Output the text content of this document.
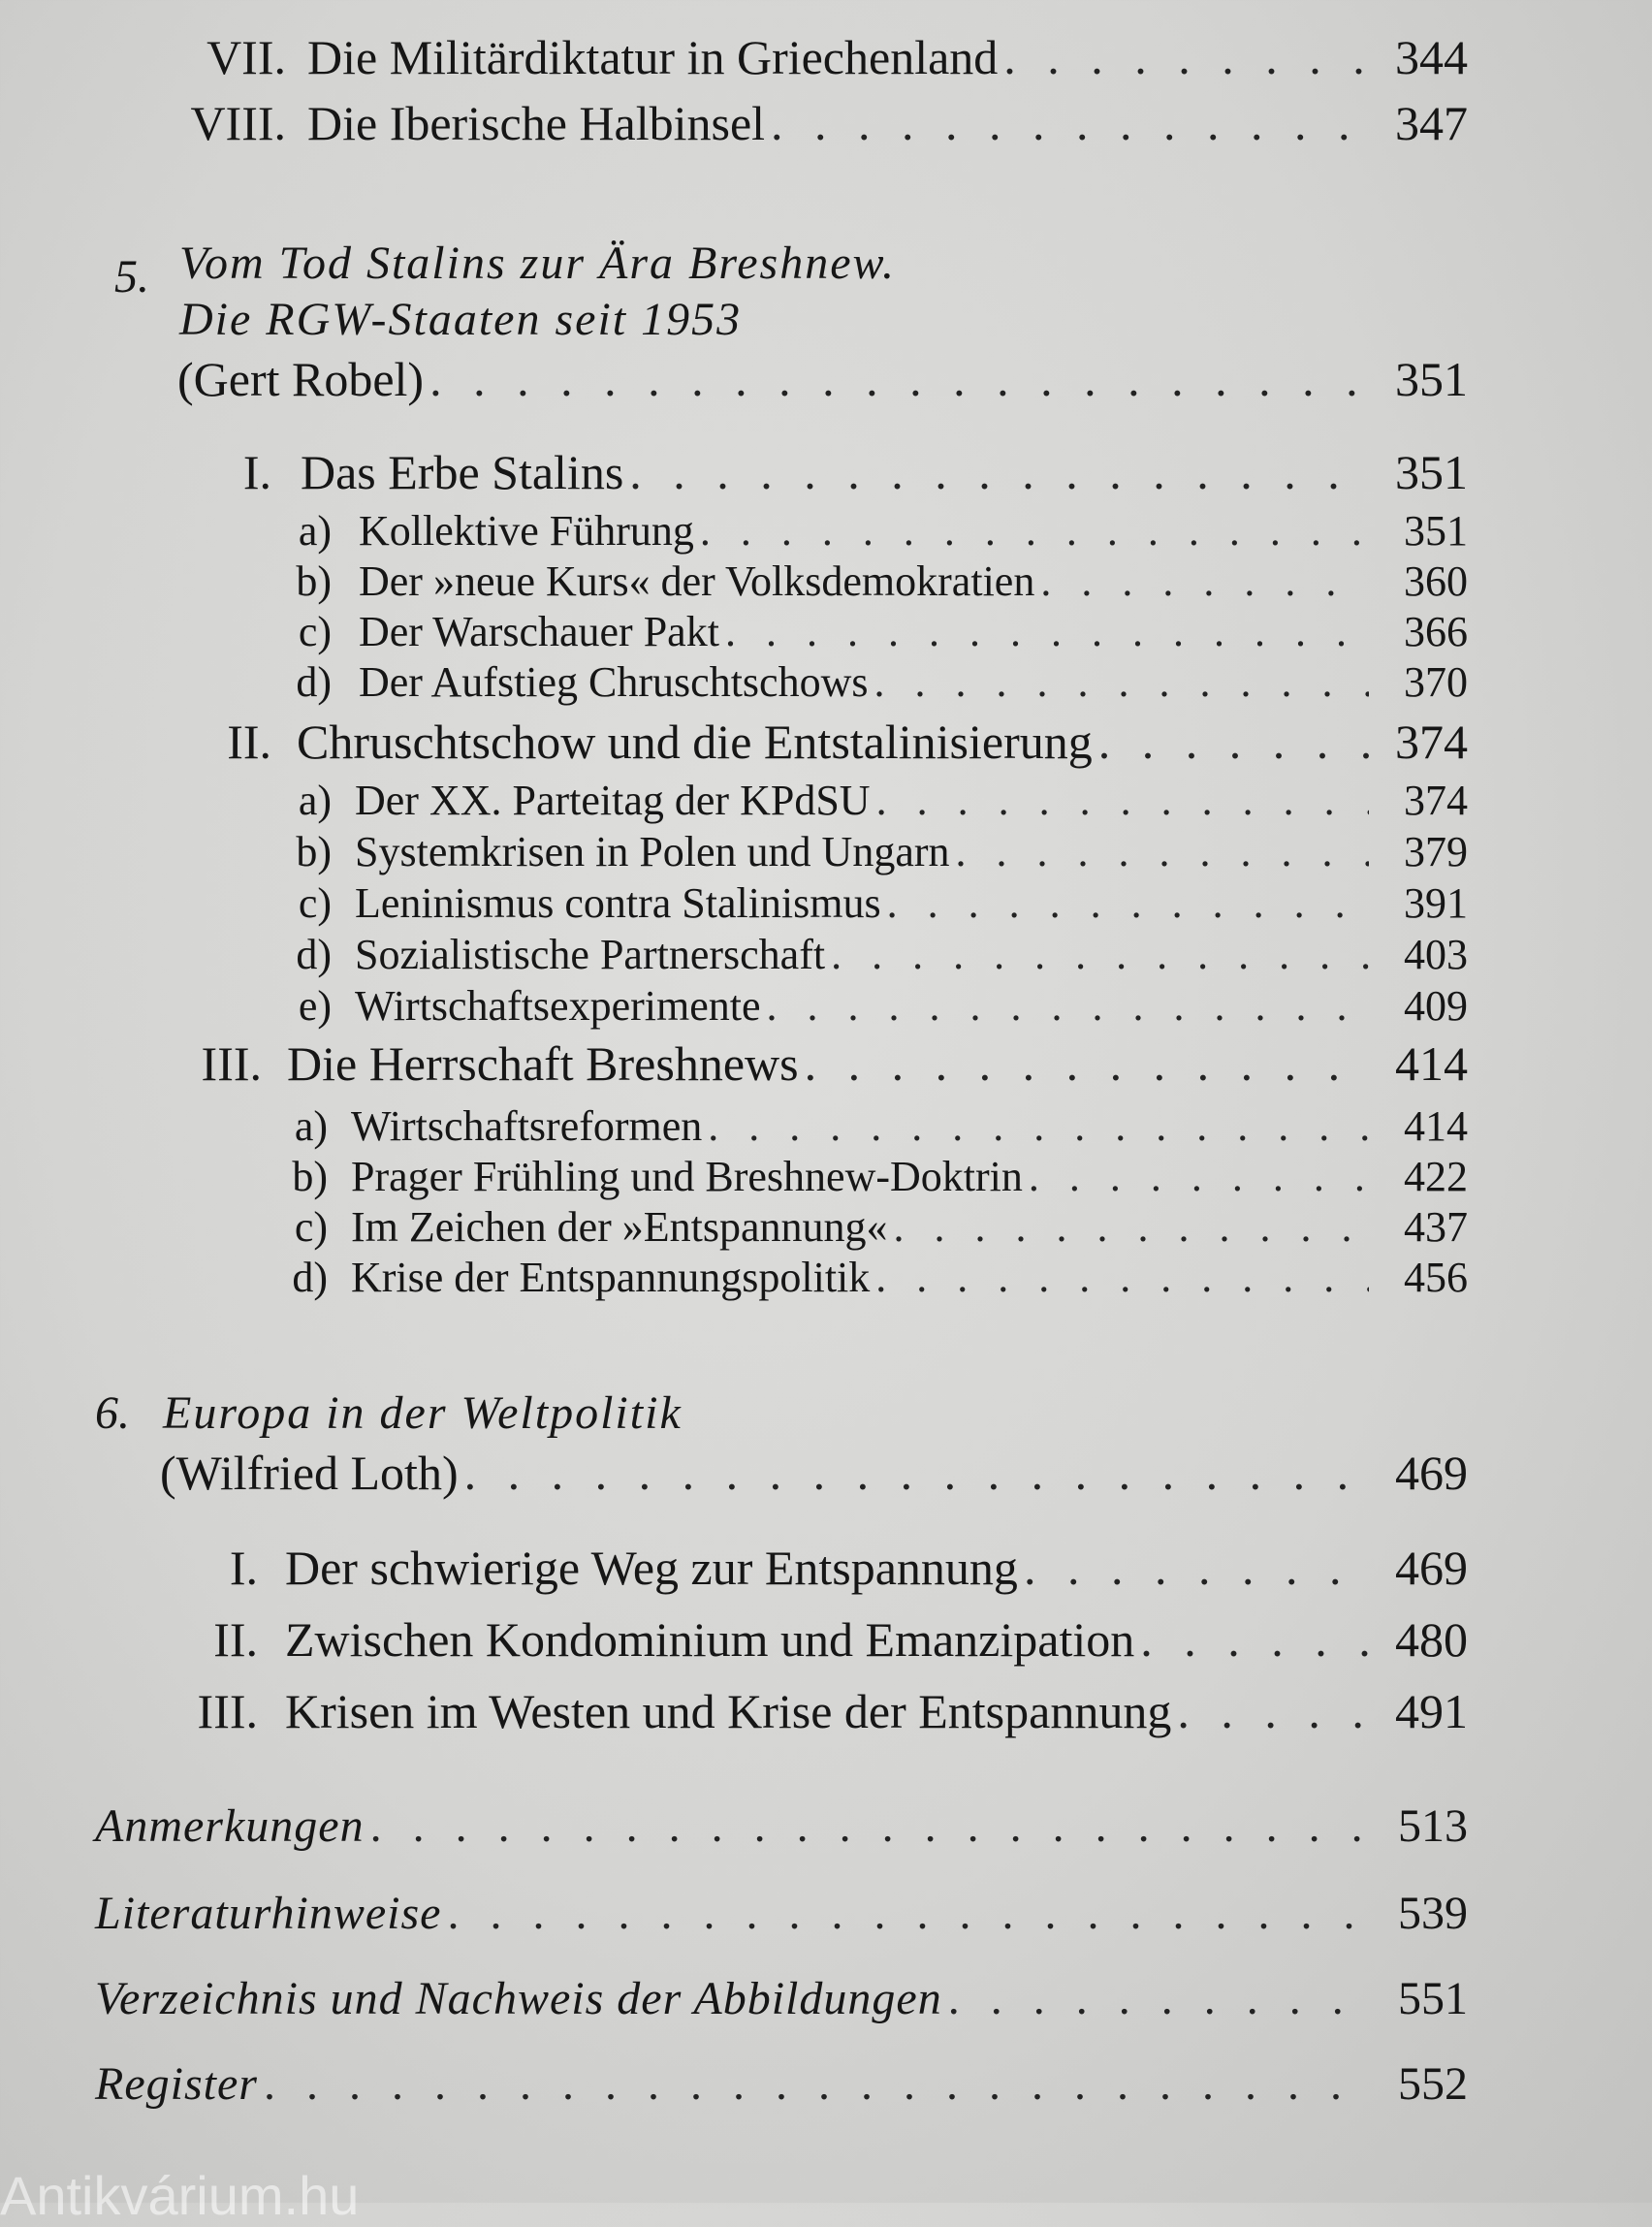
VII. Die Militärdiktatur in Griechenland . . .	344
VIII. Die Iberische Halbinsel . . .	347
5. Vom Tod Stalins zur Ära Breshnew.
Die RGW-Staaten seit 1953
(Gert Robel) . . .	351
I. Das Erbe Stalins . . .	351
a) Kollektive Führung . . .	351
b) Der »neue Kurs« der Volksdemokratien . . .	360
c) Der Warschauer Pakt . . .	366
d) Der Aufstieg Chruschtschows . . .	370
II. Chruschtschow und die Entstalinisierung . . .	374
a) Der XX. Parteitag der KPdSU . . .	374
b) Systemkrisen in Polen und Ungarn . . .	379
c) Leninismus contra Stalinismus . . .	391
d) Sozialistische Partnerschaft . . .	403
e) Wirtschaftsexperimente . . .	409
III. Die Herrschaft Breshnews . . .	414
a) Wirtschaftsreformen . . .	414
b) Prager Frühling und Breshnew-Doktrin . . .	422
c) Im Zeichen der »Entspannung« . . .	437
d) Krise der Entspannungspolitik . . .	456
6. Europa in der Weltpolitik
(Wilfried Loth) . . .	469
I. Der schwierige Weg zur Entspannung . . .	469
II. Zwischen Kondominium und Emanzipation . . .	480
III. Krisen im Westen und Krise der Entspannung . . .	491
Anmerkungen . . .	513
Literaturhinweise . . .	539
Verzeichnis und Nachweis der Abbildungen . . .	551
Register . . .	552
Antikvárium.hu
